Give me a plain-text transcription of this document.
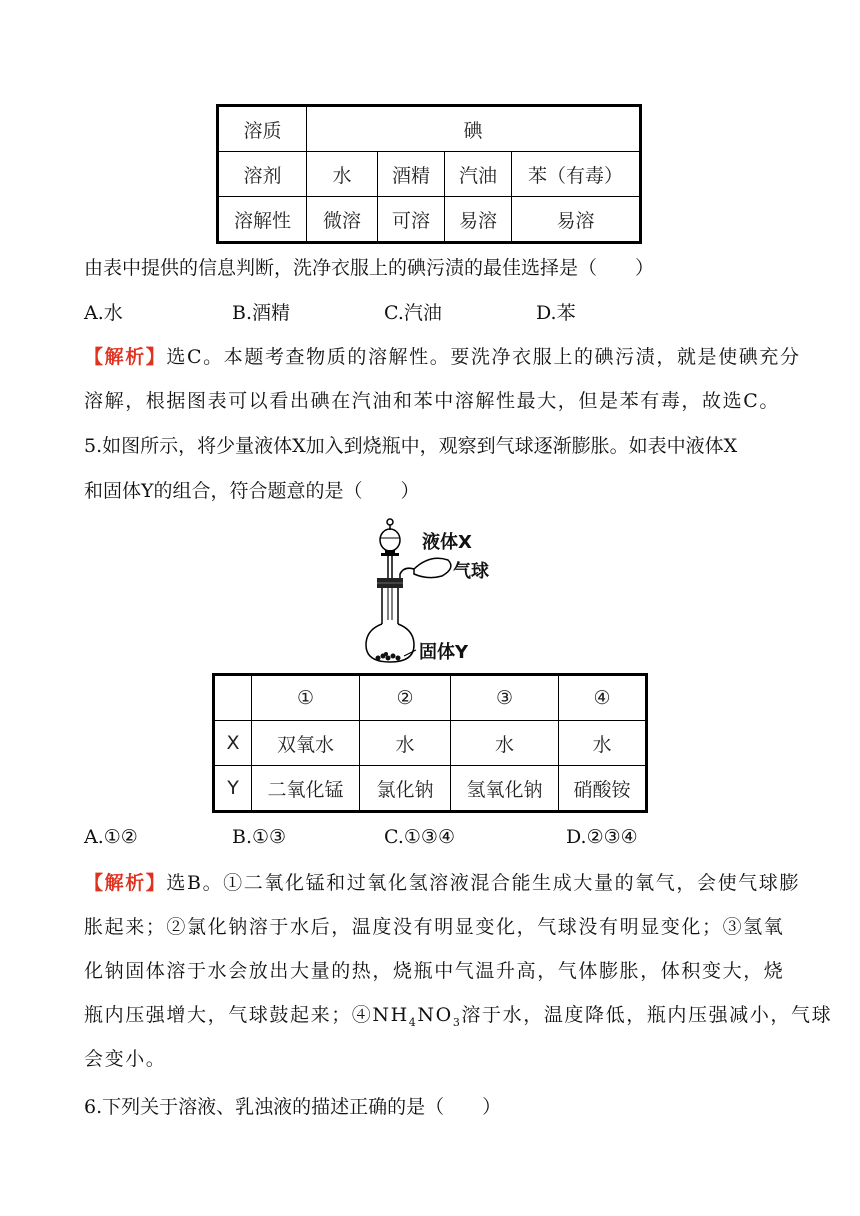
溶质	碘			
溶剂	水	酒精	汽油	苯（有毒）
溶解性	微溶	可溶	易溶	易溶
由表中提供的信息判断，洗净衣服上的碘污渍的最佳选择是（　　）
A.水	B.酒精	C.汽油	D.苯
【解析】选C。本题考查物质的溶解性。要洗净衣服上的碘污渍，就是使碘充分
溶解，根据图表可以看出碘在汽油和苯中溶解性最大，但是苯有毒，故选C。
5.如图所示，将少量液体X加入到烧瓶中，观察到气球逐渐膨胀。如表中液体X
和固体Y的组合，符合题意的是（　　）
液体X
气球
固体Y
	①	②	③	④
X	双氧水	水	水	水
Y	二氧化锰	氯化钠	氢氧化钠	硝酸铵
A.①②	B.①③	C.①③④	D.②③④
【解析】选B。①二氧化锰和过氧化氢溶液混合能生成大量的氧气，会使气球膨
胀起来；②氯化钠溶于水后，温度没有明显变化，气球没有明显变化；③氢氧
化钠固体溶于水会放出大量的热，烧瓶中气温升高，气体膨胀，体积变大，烧
瓶内压强增大，气球鼓起来；$④NH_4NO_3$溶于水，温度降低，瓶内压强减小，气球
会变小。
6.下列关于溶液、乳浊液的描述正确的是（　　）
